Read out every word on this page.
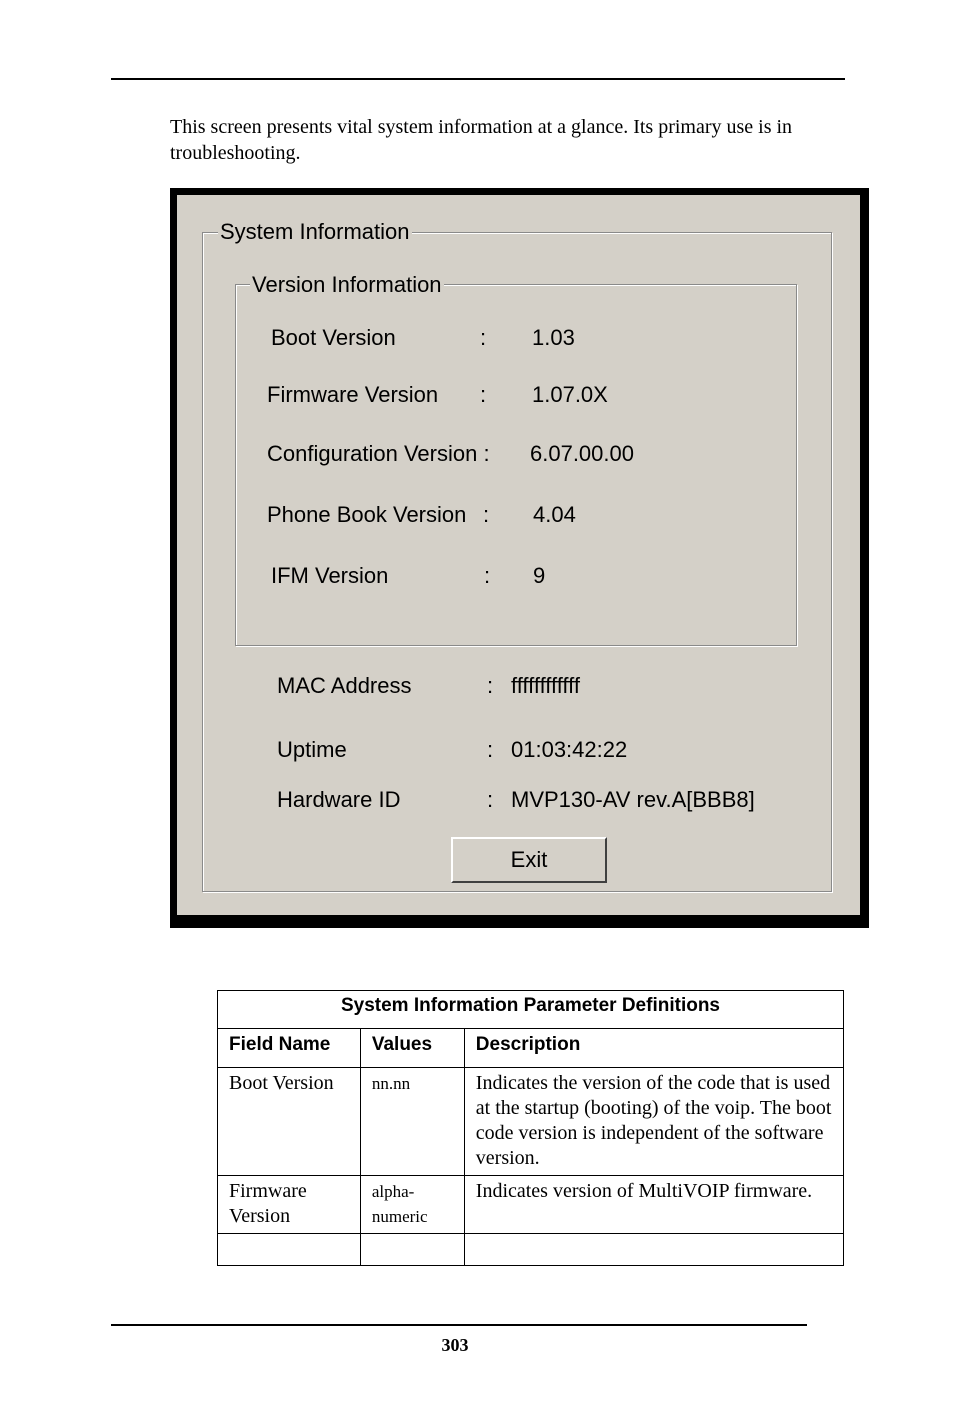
This screen presents vital system information at a glance. Its primary use is in troubleshooting.

System Information
Version Information
Boot Version	: 1.03
Firmware Version : 1.07.0X
Configuration Version : 6.07.00.00
Phone Book Version : 4.04
IFM Version	: 9
MAC Address	: ffffffffffff
Uptime	: 01:03:42:22
Hardware ID	: MVP130-AV rev.A[BBB8]
Exit
System Information Parameter Definitions		
Field Name	Values	Description
Boot Version	nn.nn	Indicates the version of the code that is used at the startup (booting) of the voip. The boot code version is independent of the software version.
Firmware Version	alpha-numeric	Indicates version of MultiVOIP firmware.

303
